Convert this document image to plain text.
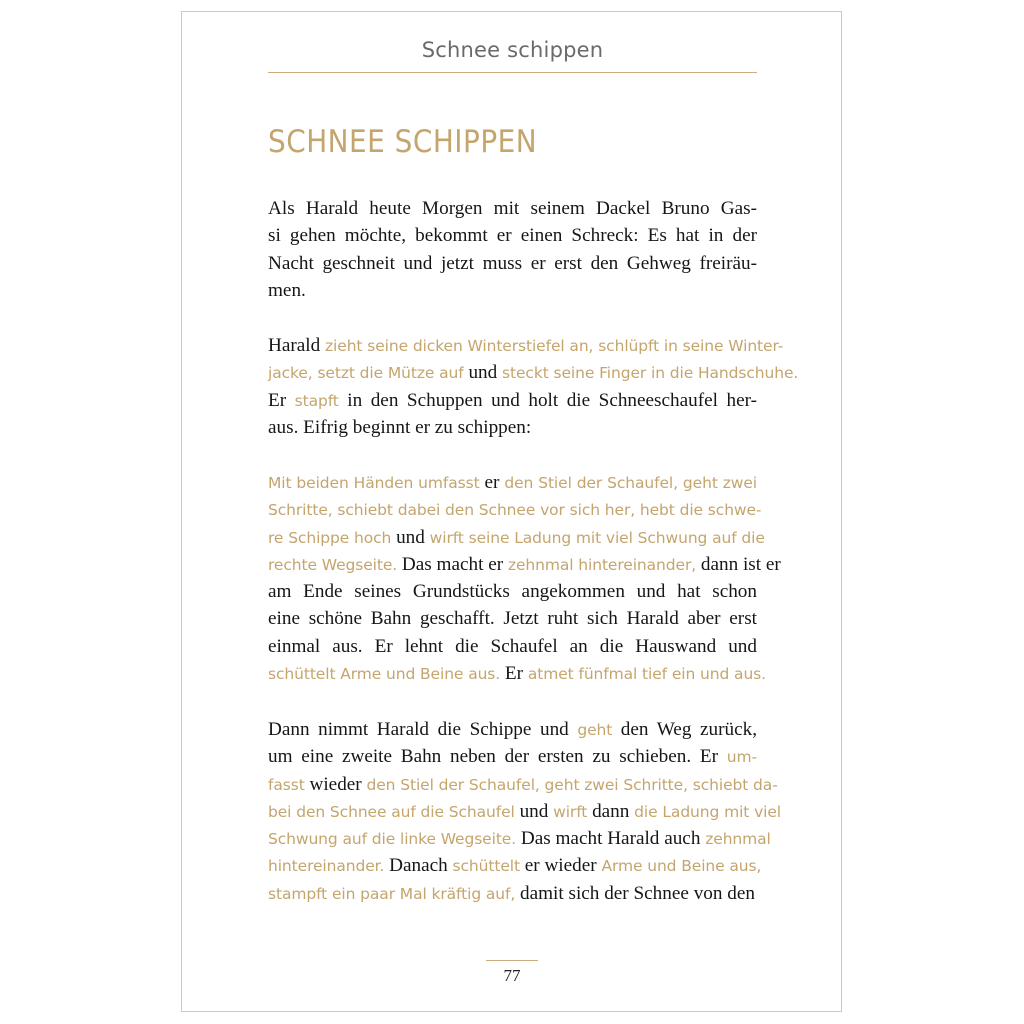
Schnee schippen
SCHNEE SCHIPPEN
Als Harald heute Morgen mit seinem Dackel Bruno Gas-
si gehen möchte, bekommt er einen Schreck: Es hat in der
Nacht geschneit und jetzt muss er erst den Gehweg freiräu-
men.
Harald zieht seine dicken Winterstiefel an, schlüpft in seine Winter-
jacke, setzt die Mütze auf und steckt seine Finger in die Handschuhe.
Er stapft in den Schuppen und holt die Schneeschaufel her-
aus. Eifrig beginnt er zu schippen:
Mit beiden Händen umfasst er den Stiel der Schaufel, geht zwei
Schritte, schiebt dabei den Schnee vor sich her, hebt die schwe-
re Schippe hoch und wirft seine Ladung mit viel Schwung auf die
rechte Wegseite. Das macht er zehnmal hintereinander, dann ist er
am Ende seines Grundstücks angekommen und hat schon
eine schöne Bahn geschafft. Jetzt ruht sich Harald aber erst
einmal aus. Er lehnt die Schaufel an die Hauswand und
schüttelt Arme und Beine aus. Er atmet fünfmal tief ein und aus.
Dann nimmt Harald die Schippe und geht den Weg zurück,
um eine zweite Bahn neben der ersten zu schieben. Er um-
fasst wieder den Stiel der Schaufel, geht zwei Schritte, schiebt da-
bei den Schnee auf die Schaufel und wirft dann die Ladung mit viel
Schwung auf die linke Wegseite. Das macht Harald auch zehnmal
hintereinander. Danach schüttelt er wieder Arme und Beine aus,
stampft ein paar Mal kräftig auf, damit sich der Schnee von den
77
